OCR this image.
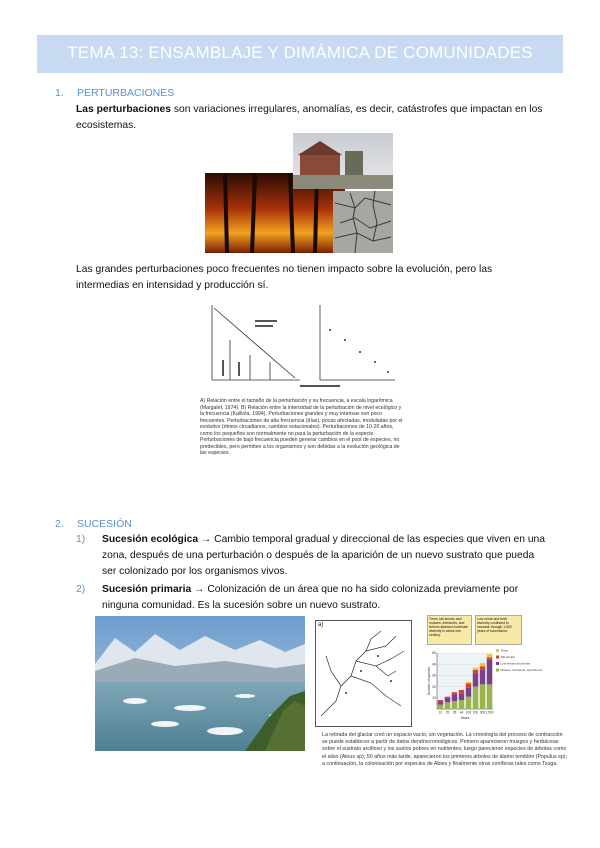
TEMA 13: ENSAMBLAJE Y DIMÁMICA DE COMUNIDADES
1. PERTURBACIONES
Las perturbaciones son variaciones irregulares, anomalías, es decir, catástrofes que impactan en los
ecosistemas.
Las grandes perturbaciones poco frecuentes no tienen impacto sobre la evolución, pero las
intermedias en intensidad y producción sí.
A) Relación entre el tamaño de la perturbación y su frecuencia, a escala logarítmica (Margalef, 1974). B) Relación entre la intensidad de la perturbación de nivel ecológico y la frecuencia (Kalliola, 1994). Perturbaciones grandes y muy intensas son poco frecuentes. Perturbaciones de alta frecuencia (días), pocas afectadas, moduladas por el evolutivo (ritmos circadianos, cambios estacionales). Perturbaciones de 10-20 años, como los pequeños son normalmente no para la perturbación de la especie. Perturbaciones de bajo frecuencia pueden generar cambios en el pool de especies, no predecibles, pero permiten a los organismos y son debidas a la evolución geológica de las especies.
2. SUCESIÓN
1) Sucesión ecológica → Cambio temporal gradual y direccional de las especies que viven en una
zona, después de una perturbación o después de la aparición de un nuevo sustrato que pueda
ser colonizado por los organismos vivos.
2) Sucesión primaria → Colonización de un área que no ha sido colonizada previamente por
ninguna comunidad. Es la sucesión sobre un nuevo sustrato.
a)
Trees, tall shrubs and mosses, liverworts, and lichens attained moderate diversity in about one century.
Low shrub and herb diversity continued to increase through 1,500 years of succession.
10
20
30
40
50
10 25 35 44 100 200 300 1,500
Years
Number of species
Trees
Tall shrubs
Low shrubs and herbs
Mosses, liverworts, and lichens
La retirada del glaciar creó un espacio vacío, sin vegetación. La cronología del proceso de contracción se puede establecer a partir de datos dendrocronológicos. Primero aparecieron musgos y herbáceas sobre el sustrato arcilloso y los suelos pobres en nutrientes; luego parecieron especies de árboles como el aliso (Alnus sp); 50 años más tarde, aparecieron los primeros árboles de álamo temblón (Populus sp); a continuación, la colonización por especies de Abies y finalmente otras coníferas tales como Tsuga.
